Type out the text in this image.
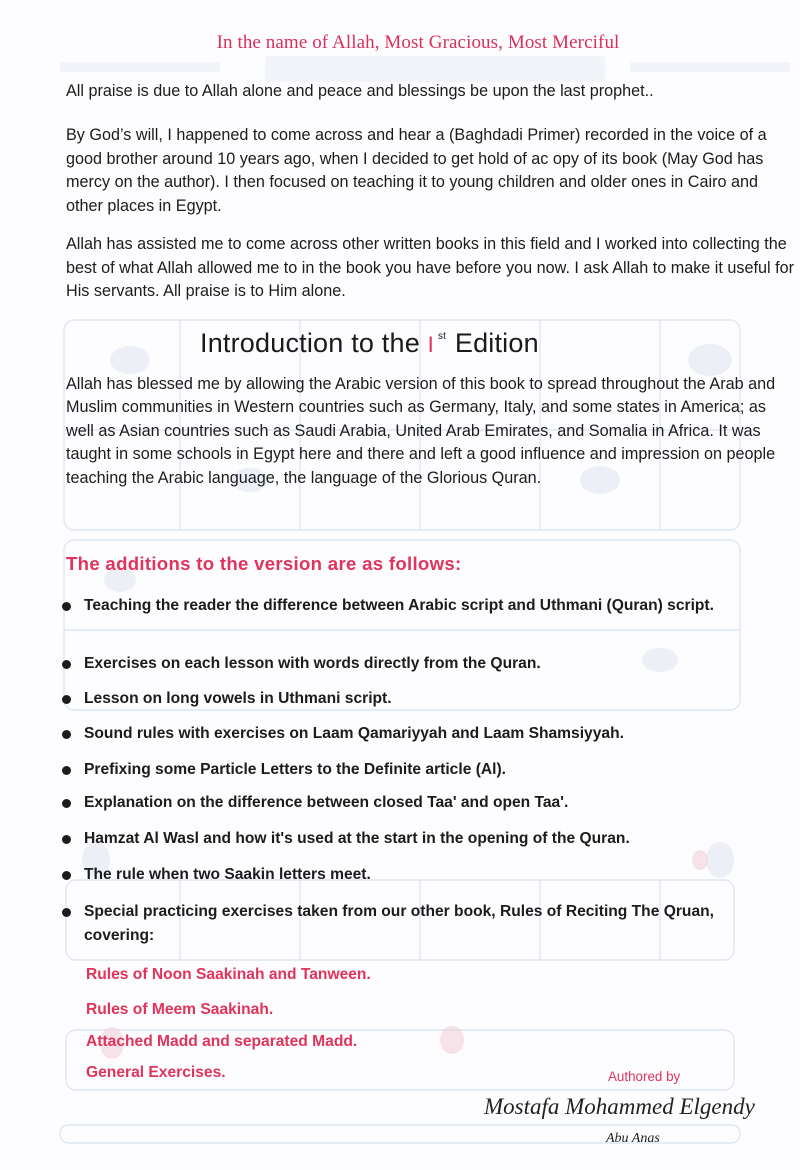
In the name of Allah, Most Gracious, Most Merciful

All praise is due to Allah alone and peace and blessings be upon the last prophet..

By God’s will, I happened to come across and hear a (Baghdadi Primer) recorded in the voice of a good brother around 10 years ago, when I decided to get hold of ac opy of its book (May God has mercy on the author). I then focused on teaching it to young children and older ones in Cairo and other places in Egypt.

Allah has assisted me to come across other written books in this field and I worked into collecting the best of what Allah allowed me to in the book you have before you now. I ask Allah to make it useful for His servants. All praise is to Him alone.

Introduction to the I $^{st}$ Edition

Allah has blessed me by allowing the Arabic version of this book to spread throughout the Arab and Muslim communities in Western countries such as Germany, Italy, and some states in America; as well as Asian countries such as Saudi Arabia, United Arab Emirates, and Somalia in Africa. It was taught in some schools in Egypt here and there and left a good influence and impression on people teaching the Arabic language, the language of the Glorious Quran.

The additions to the version are as follows:
Teaching the reader the difference between Arabic script and Uthmani (Quran) script.
Exercises on each lesson with words directly from the Quran.
Lesson on long vowels in Uthmani script.
Sound rules with exercises on Laam Qamariyyah and Laam Shamsiyyah.
Prefixing some Particle Letters to the Definite article (Al).
Explanation on the difference between closed Taa' and open Taa'.
Hamzat Al Wasl and how it's used at the start in the opening of the Quran.
The rule when two Saakin letters meet.
Special practicing exercises taken from our other book, Rules of Reciting The Qruan, covering:
Rules of Noon Saakinah and Tanween.
Rules of Meem Saakinah.
Attached Madd and separated Madd.
General Exercises.	Authored by
Mostafa Mohammed Elgendy
Abu Anas
